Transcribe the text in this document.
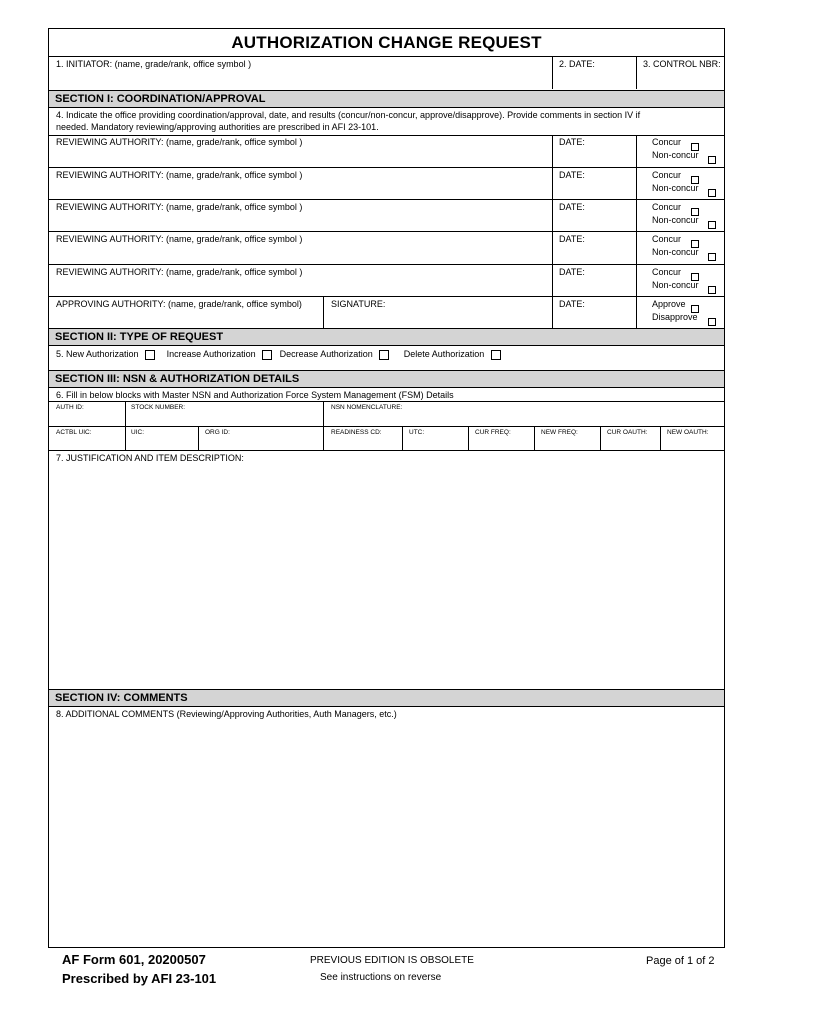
AUTHORIZATION CHANGE REQUEST
1. INITIATOR: (name, grade/rank, office symbol )	2. DATE:	3. CONTROL NBR:
SECTION I: COORDINATION/APPROVAL
4. Indicate the office providing coordination/approval, date, and results (concur/non-concur, approve/disapprove). Provide comments in section IV if
needed. Mandatory reviewing/approving authorities are prescribed in AFI 23-101.
REVIEWING AUTHORITY: (name, grade/rank, office symbol )	DATE:	Concur
Non-concur
REVIEWING AUTHORITY: (name, grade/rank, office symbol )	DATE:	Concur
Non-concur
REVIEWING AUTHORITY: (name, grade/rank, office symbol )	DATE:	Concur
Non-concur
REVIEWING AUTHORITY: (name, grade/rank, office symbol )	DATE:	Concur
Non-concur
REVIEWING AUTHORITY: (name, grade/rank, office symbol )	DATE:	Concur
Non-concur
APPROVING AUTHORITY: (name, grade/rank, office symbol)	SIGNATURE:	DATE:	Approve
Disapprove
SECTION II: TYPE OF REQUEST
5. New Authorization	Increase Authorization	Decrease Authorization	Delete Authorization
SECTION III: NSN & AUTHORIZATION DETAILS
6. Fill in below blocks with Master NSN and Authorization Force System Management (FSM) Details
AUTH ID:	STOCK NUMBER:	NSN NOMENCLATURE:
ACTBL UIC:	UIC:	ORG ID:	READINESS CD:	UTC:	CUR FREQ:	NEW FREQ:	CUR OAUTH:	NEW OAUTH:
7. JUSTIFICATION AND ITEM DESCRIPTION:
SECTION IV: COMMENTS
8. ADDITIONAL COMMENTS (Reviewing/Approving Authorities, Auth Managers, etc.)
AF Form 601, 20200507
Prescribed by AFI 23-101
PREVIOUS EDITION IS OBSOLETE
See instructions on reverse
Page of 1 of 2
